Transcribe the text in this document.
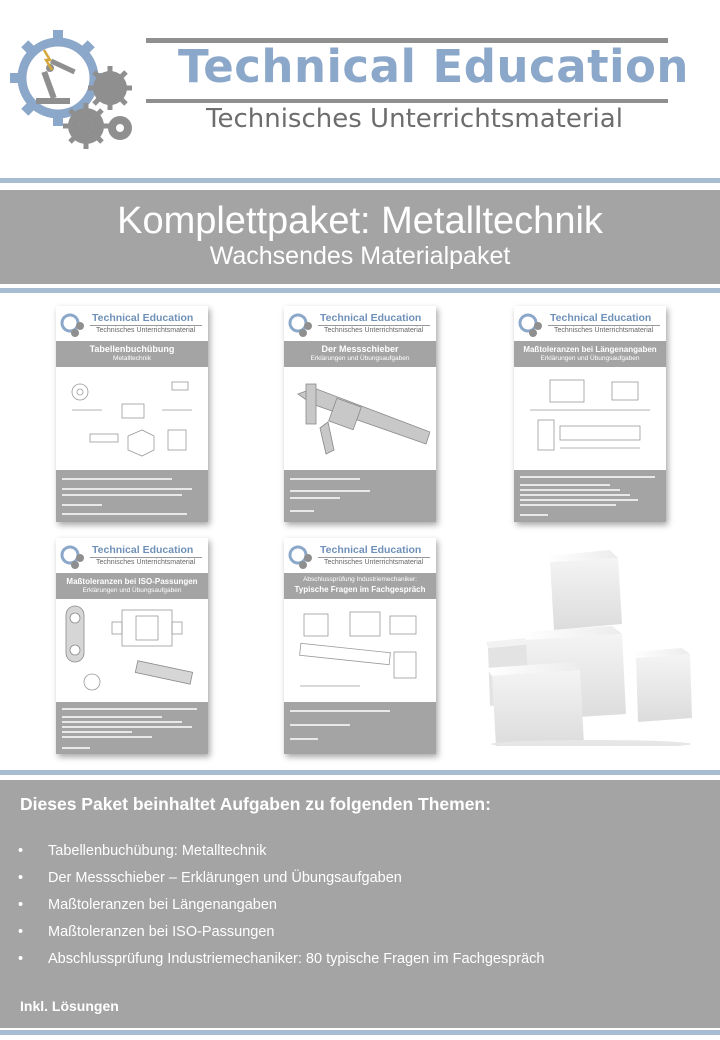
Technical Education
Technisches Unterrichtsmaterial
Komplettpaket: Metalltechnik
Wachsendes Materialpaket
Technical Education
Technisches Unterrichtsmaterial
Tabellenbuchübung
Metalltechnik
Technical Education
Technisches Unterrichtsmaterial
Der Messschieber
Erklärungen und Übungsaufgaben
Technical Education
Technisches Unterrichtsmaterial
Maßtoleranzen bei Längenangaben
Erklärungen und Übungsaufgaben
Technical Education
Technisches Unterrichtsmaterial
Maßtoleranzen bei ISO-Passungen
Erklärungen und Übungsaufgaben
Technical Education
Technisches Unterrichtsmaterial
Abschlussprüfung Industriemechaniker:
Typische Fragen im Fachgespräch
Dieses Paket beinhaltet Aufgaben zu folgenden Themen:
• Tabellenbuchübung: Metalltechnik
• Der Messschieber – Erklärungen und Übungsaufgaben
• Maßtoleranzen bei Längenangaben
• Maßtoleranzen bei ISO-Passungen
• Abschlussprüfung Industriemechaniker: 80 typische Fragen im Fachgespräch
Inkl. Lösungen
